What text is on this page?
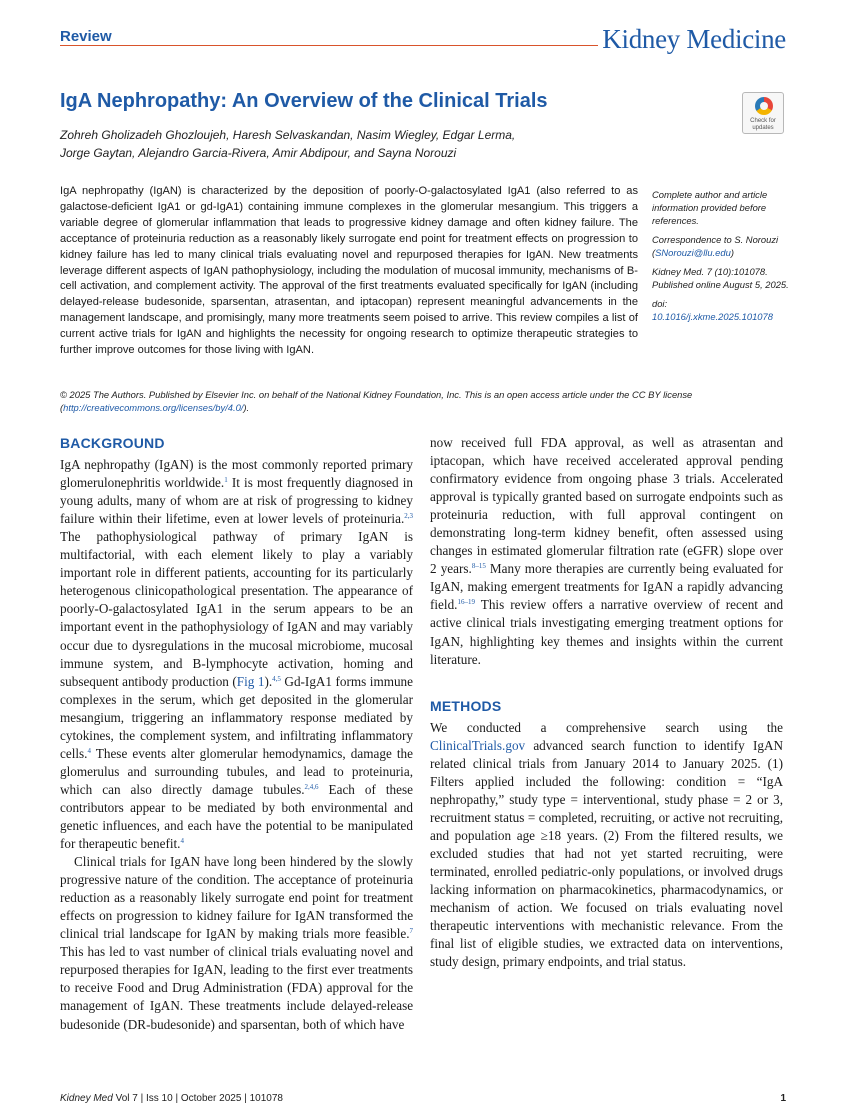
Review	Kidney Medicine
IgA Nephropathy: An Overview of the Clinical Trials
Check for updates
Zohreh Gholizadeh Ghozloujeh, Haresh Selvaskandan, Nasim Wiegley, Edgar Lerma,
Jorge Gaytan, Alejandro Garcia-Rivera, Amir Abdipour, and Sayna Norouzi
IgA nephropathy (IgAN) is characterized by the deposition of poorly-O-galactosylated IgA1 (also referred to as galactose-deficient IgA1 or gd-IgA1) containing immune complexes in the glomerular mesangium. This triggers a variable degree of glomerular inflammation that leads to progressive kidney damage and often kidney failure. The acceptance of proteinuria reduction as a reasonably likely surrogate end point for treatment effects on progression to kidney failure has led to many clinical trials evaluating novel and repurposed therapies for IgAN. New treatments leverage different aspects of IgAN pathophysiology, including the modulation of mucosal immunity, mechanisms of B-cell activation, and complement activity. The approval of the first treatments evaluated specifically for IgAN (including delayed-release budesonide, sparsentan, atrasentan, and iptacopan) represent meaningful advancements in the management landscape, and promisingly, many more treatments seem poised to arrive. This review compiles a list of current active trials for IgAN and highlights the necessity for ongoing research to optimize therapeutic strategies to further improve outcomes for those living with IgAN.

Complete author and article information provided before references.

Correspondence to S. Norouzi (SNorouzi@llu.edu)

Kidney Med. 7 (10):101078. Published online August 5, 2025.

doi: 10.1016/j.xkme.2025.101078

© 2025 The Authors. Published by Elsevier Inc. on behalf of the National Kidney Foundation, Inc. This is an open access article under the CC BY license (http://creativecommons.org/licenses/by/4.0/).
BACKGROUND

IgA nephropathy (IgAN) is the most commonly reported primary glomerulonephritis worldwide.$^1$ It is most frequently diagnosed in young adults, many of whom are at risk of progressing to kidney failure within their lifetime, even at lower levels of proteinuria.$^{2,3}$ The pathophysiological pathway of primary IgAN is multifactorial, with each element likely to play a variably important role in different patients, accounting for its particularly heterogenous clinicopathological presentation. The appearance of poorly-O-galactosylated IgA1 in the serum appears to be an important event in the pathophysiology of IgAN and may variably occur due to dysregulations in the mucosal microbiome, mucosal immune system, and B-lymphocyte activation, homing and subsequent antibody production (Fig 1).$^{4,5}$ Gd-IgA1 forms immune complexes in the serum, which get deposited in the glomerular mesangium, triggering an inflammatory response mediated by cytokines, the complement system, and infiltrating inflammatory cells.$^4$ These events alter glomerular hemodynamics, damage the glomerulus and surrounding tubules, and lead to proteinuria, which can also directly damage tubules.$^{2,4,6}$ Each of these contributors appear to be mediated by both environmental and genetic influences, and each have the potential to be manipulated for therapeutic benefit.$^4$

Clinical trials for IgAN have long been hindered by the slowly progressive nature of the condition. The acceptance of proteinuria reduction as a reasonably likely surrogate end point for treatment effects on progression to kidney failure for IgAN transformed the clinical trial landscape for IgAN by making trials more feasible.$^7$ This has led to vast number of clinical trials evaluating novel and repurposed therapies for IgAN, leading to the first ever treatments to receive Food and Drug Administration (FDA) approval for the management of IgAN. These treatments include delayed-release budesonide (DR-budesonide) and sparsentan, both of which have

now received full FDA approval, as well as atrasentan and iptacopan, which have received accelerated approval pending confirmatory evidence from ongoing phase 3 trials. Accelerated approval is typically granted based on surrogate endpoints such as proteinuria reduction, with full approval contingent on demonstrating long-term kidney benefit, often assessed using changes in estimated glomerular filtration rate (eGFR) slope over 2 years.$^{8-15}$ Many more therapies are currently being evaluated for IgAN, making emergent treatments for IgAN a rapidly advancing field.$^{16-19}$ This review offers a narrative overview of recent and active clinical trials investigating emerging treatment options for IgAN, highlighting key themes and insights within the current literature.

METHODS

We conducted a comprehensive search using the ClinicalTrials.gov advanced search function to identify IgAN related clinical trials from January 2014 to January 2025. (1) Filters applied included the following: condition = “IgA nephropathy,” study type = interventional, study phase = 2 or 3, recruitment status = completed, recruiting, or active not recruiting, and population age ≥18 years. (2) From the filtered results, we excluded studies that had not yet started recruiting, were terminated, enrolled pediatric-only populations, or involved drugs lacking information on pharmacokinetics, pharmacodynamics, or mechanism of action. We focused on trials evaluating novel therapeutic interventions with mechanistic relevance. From the final list of eligible studies, we extracted data on interventions, study design, primary endpoints, and trial status.

Kidney Med Vol 7 | Iss 10 | October 2025 | 101078	1
